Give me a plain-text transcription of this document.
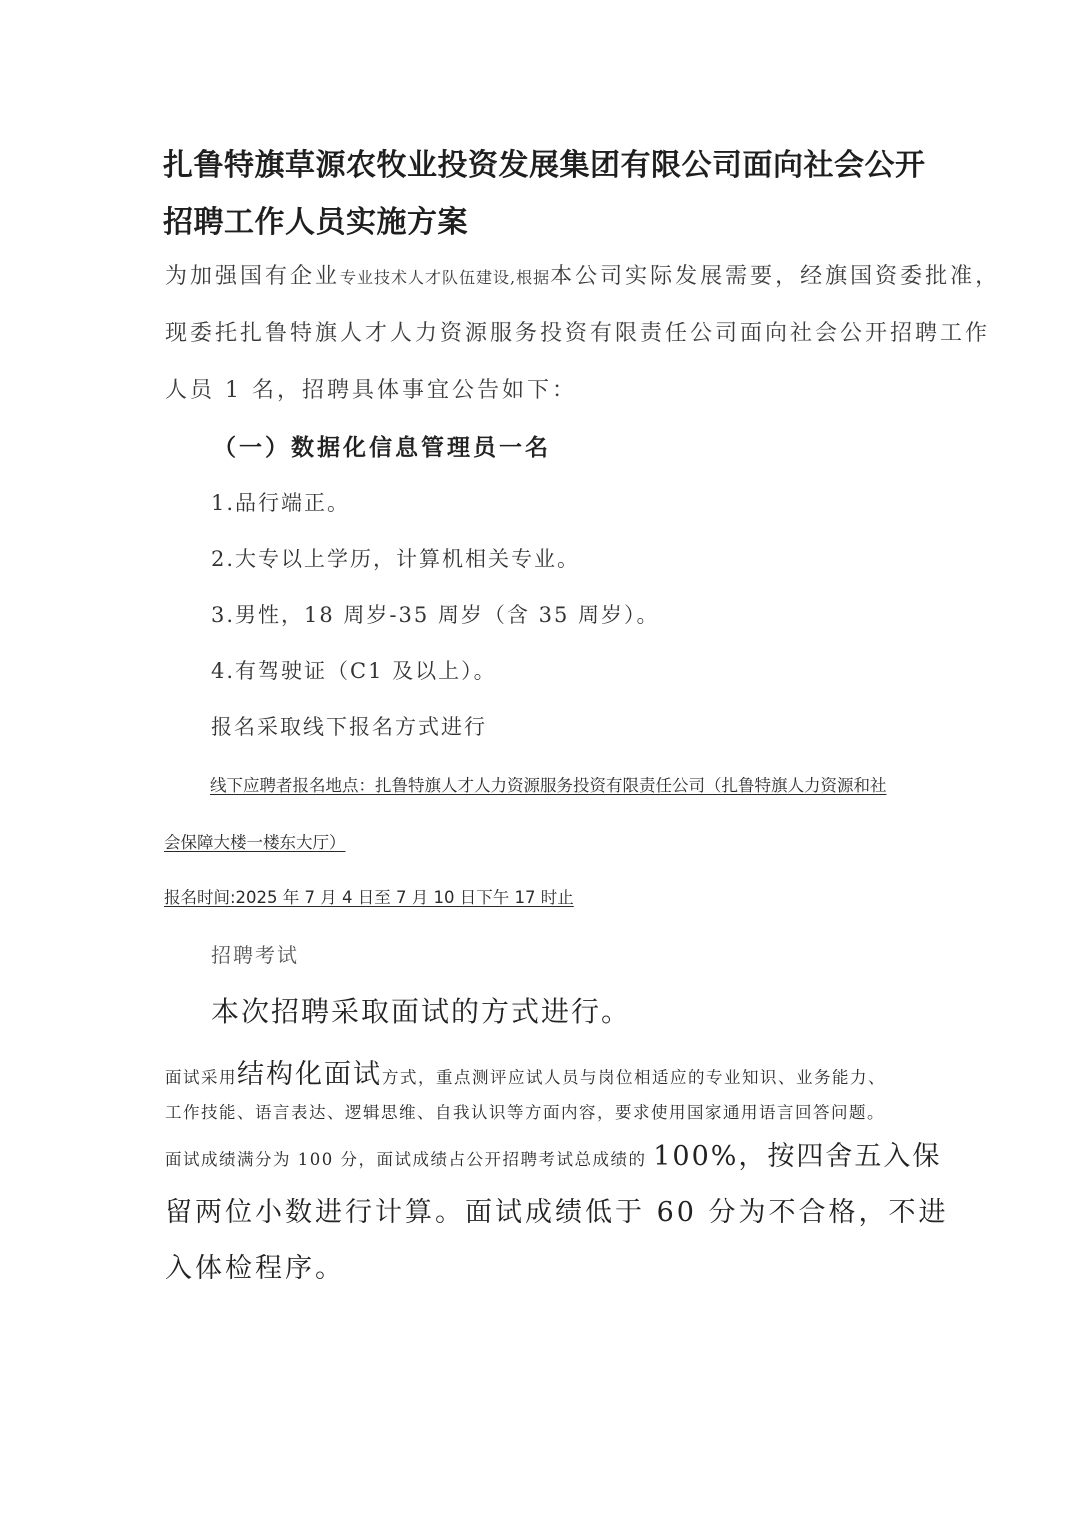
扎鲁特旗草源农牧业投资发展集团有限公司面向社会公开
招聘工作人员实施方案

为加强国有企业专业技术人才队伍建设,根据本公司实际发展需要，经旗国资委批准，

现委托扎鲁特旗人才人力资源服务投资有限责任公司面向社会公开招聘工作

人员 1 名，招聘具体事宜公告如下：

（一）数据化信息管理员一名

1.品行端正。

2.大专以上学历，计算机相关专业。

3.男性，18 周岁-35 周岁（含 35 周岁）。

4.有驾驶证（C1 及以上）。

报名采取线下报名方式进行

线下应聘者报名地点：扎鲁特旗人才人力资源服务投资有限责任公司（扎鲁特旗人力资源和社

会保障大楼一楼东大厅）

报名时间:2025 年 7 月 4 日至 7 月 10 日下午 17 时止

招聘考试

本次招聘采取面试的方式进行。

面试采用结构化面试方式，重点测评应试人员与岗位相适应的专业知识、业务能力、

工作技能、语言表达、逻辑思维、自我认识等方面内容，要求使用国家通用语言回答问题。

面试成绩满分为 100 分，面试成绩占公开招聘考试总成绩的 100%，按四舍五入保

留两位小数进行计算。面试成绩低于 60 分为不合格，不进

入体检程序。
